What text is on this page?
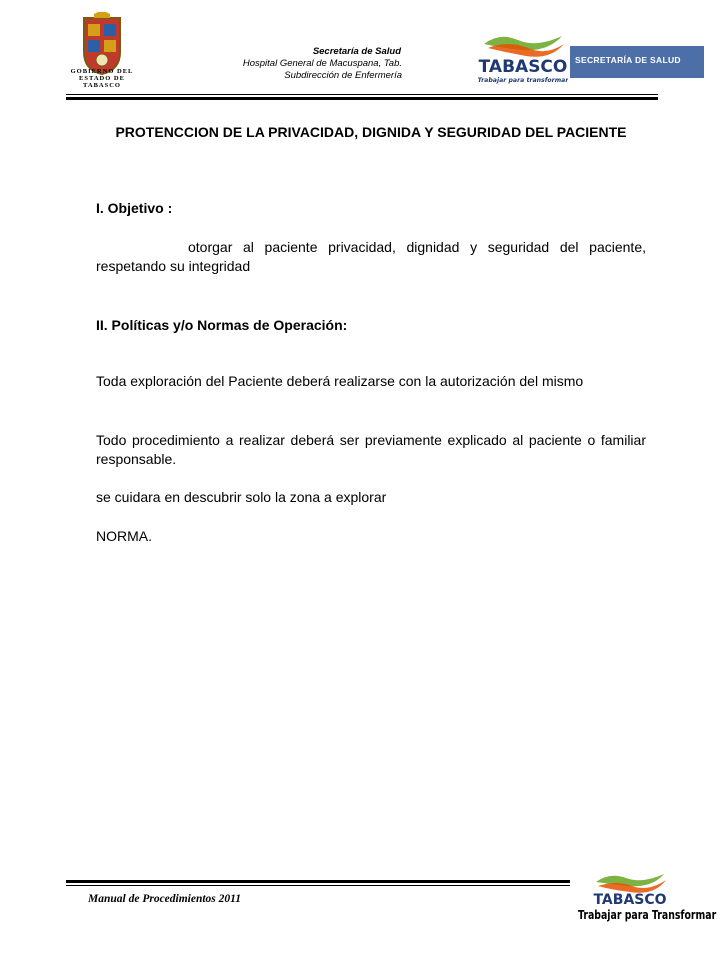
GOBIERNO DEL
ESTADO DE
TABASCO
Secretaría de Salud
Hospital General de Macuspana, Tab.
Subdirección de Enfermería	TABASCO
Trabajar para transformar
SECRETARÍA DE SALUD
PROTENCCION DE LA PRIVACIDAD, DIGNIDA Y SEGURIDAD DEL PACIENTE
I. Objetivo :
otorgar al paciente privacidad, dignidad y seguridad del paciente, respetando su integridad
II. Políticas y/o Normas de Operación:
Toda exploración del Paciente deberá realizarse con la autorización del mismo
Todo procedimiento a realizar deberá ser previamente explicado al paciente o familiar responsable.
se cuidara en descubrir solo la zona a explorar
NORMA.
Manual de Procedimientos 2011	TABASCO
Trabajar para Transformar
